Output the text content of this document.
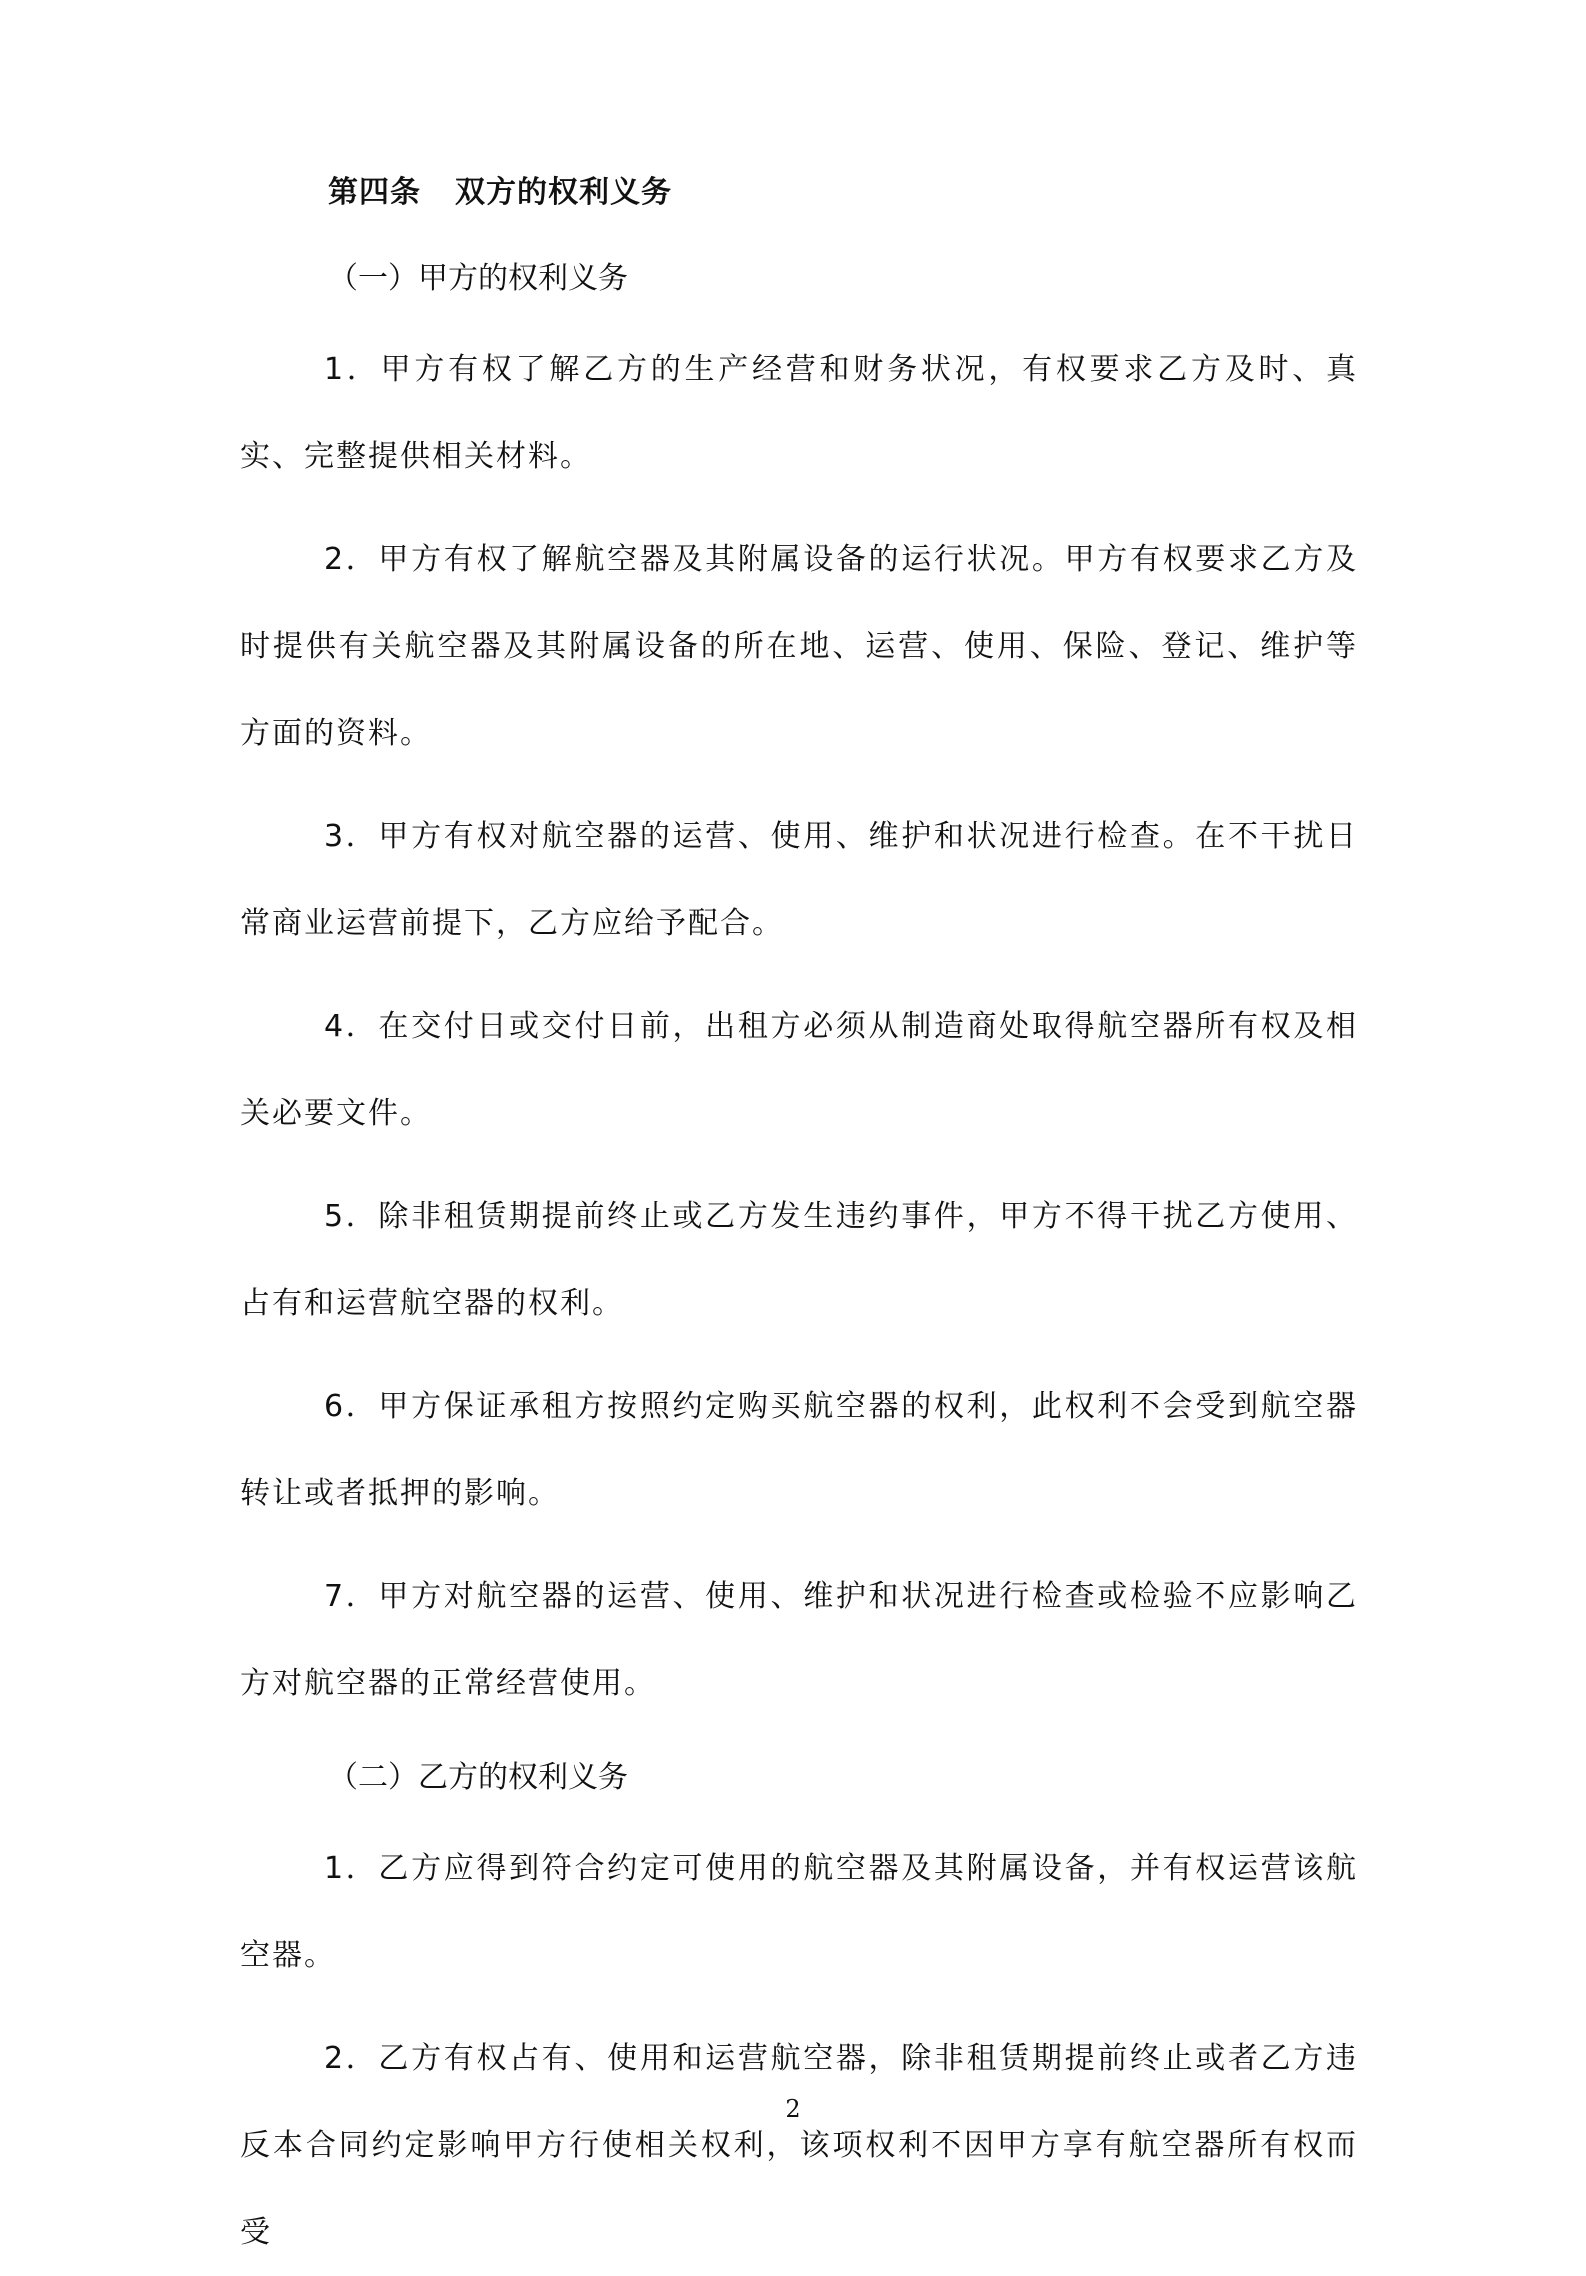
第四条 双方的权利义务

（一）甲方的权利义务

1．甲方有权了解乙方的生产经营和财务状况，有权要求乙方及时、真实、完整提供相关材料。

2．甲方有权了解航空器及其附属设备的运行状况。甲方有权要求乙方及时提供有关航空器及其附属设备的所在地、运营、使用、保险、登记、维护等方面的资料。

3．甲方有权对航空器的运营、使用、维护和状况进行检查。在不干扰日常商业运营前提下，乙方应给予配合。

4．在交付日或交付日前，出租方必须从制造商处取得航空器所有权及相关必要文件。

5．除非租赁期提前终止或乙方发生违约事件，甲方不得干扰乙方使用、占有和运营航空器的权利。

6．甲方保证承租方按照约定购买航空器的权利，此权利不会受到航空器转让或者抵押的影响。

7．甲方对航空器的运营、使用、维护和状况进行检查或检验不应影响乙方对航空器的正常经营使用。

（二）乙方的权利义务

1．乙方应得到符合约定可使用的航空器及其附属设备，并有权运营该航空器。

2．乙方有权占有、使用和运营航空器，除非租赁期提前终止或者乙方违反本合同约定影响甲方行使相关权利，该项权利不因甲方享有航空器所有权而受

2
